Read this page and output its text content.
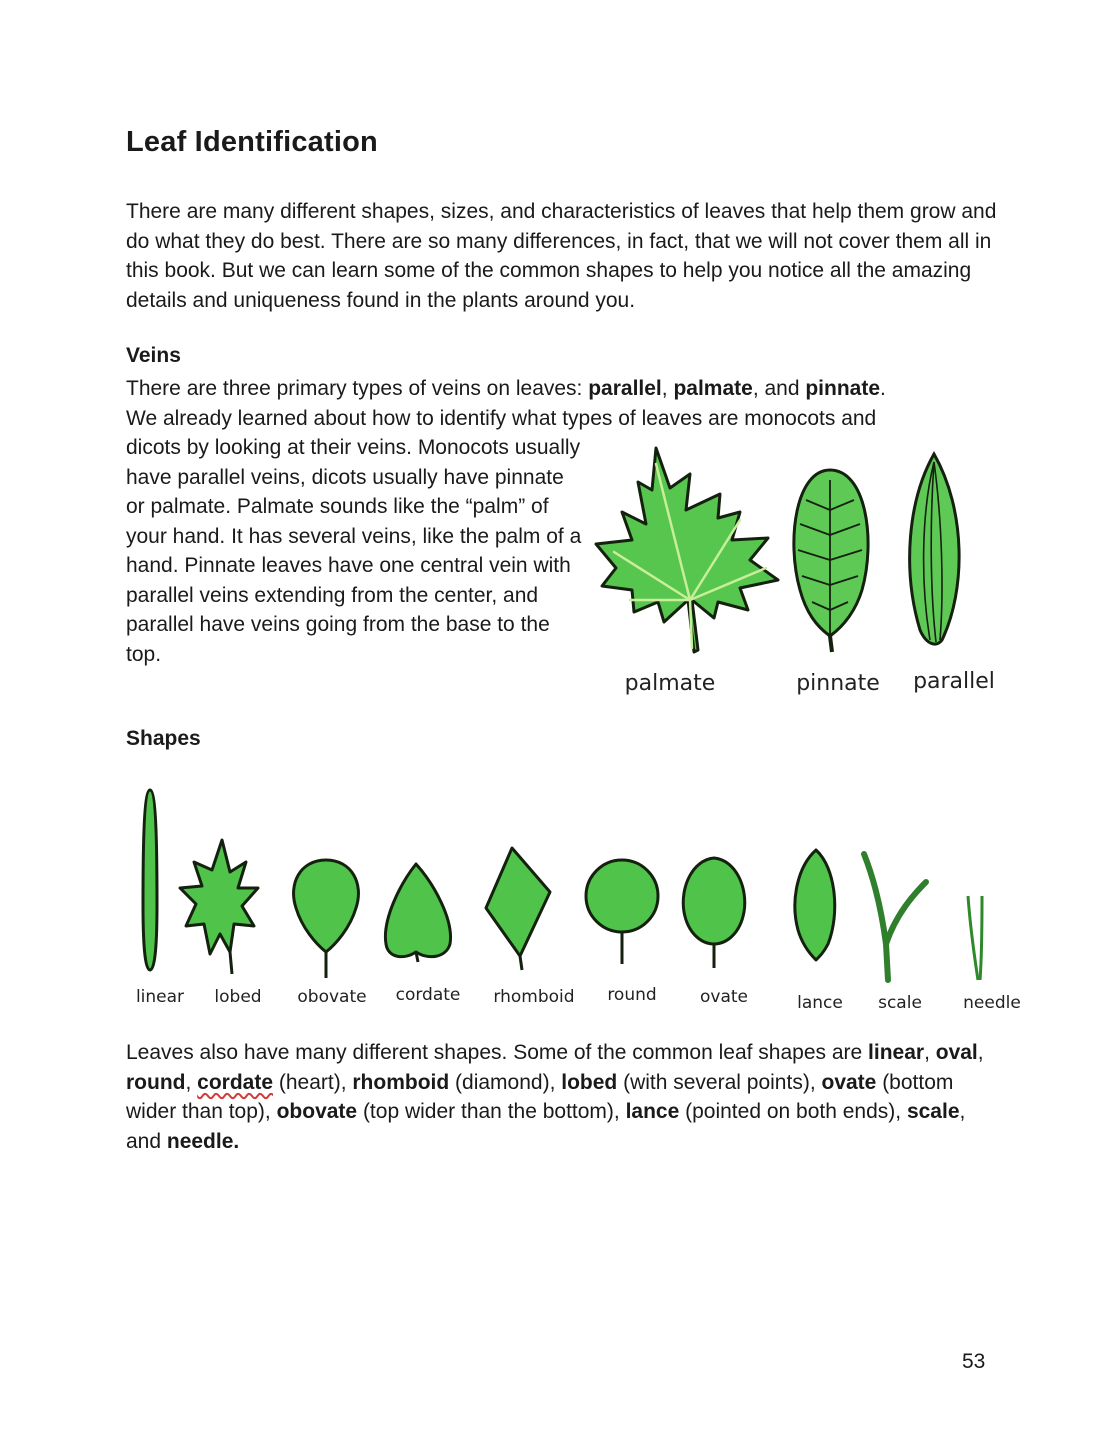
Leaf Identification

There are many different shapes, sizes, and characteristics of leaves that help them grow and do what they do best. There are so many differences, in fact, that we will not cover them all in this book. But we can learn some of the common shapes to help you notice all the amazing details and uniqueness found in the plants around you.

Veins

There are three primary types of veins on leaves: parallel, palmate, and pinnate.
We already learned about how to identify what types of leaves are monocots and

dicots by looking at their veins. Monocots usually have parallel veins, dicots usually have pinnate or palmate. Palmate sounds like the “palm” of your hand. It has several veins, like the palm of a hand. Pinnate leaves have one central vein with parallel veins extending from the center, and parallel have veins going from the base to the top.

palmate	pinnate parallel
Shapes
linear lobed obovate cordate rhomboid round	ovate	lance scale needle

Leaves also have many different shapes. Some of the common leaf shapes are linear, oval, round, cordate (heart), rhomboid (diamond), lobed (with several points), ovate (bottom wider than top), obovate (top wider than the bottom), lance (pointed on both ends), scale, and needle.

53
